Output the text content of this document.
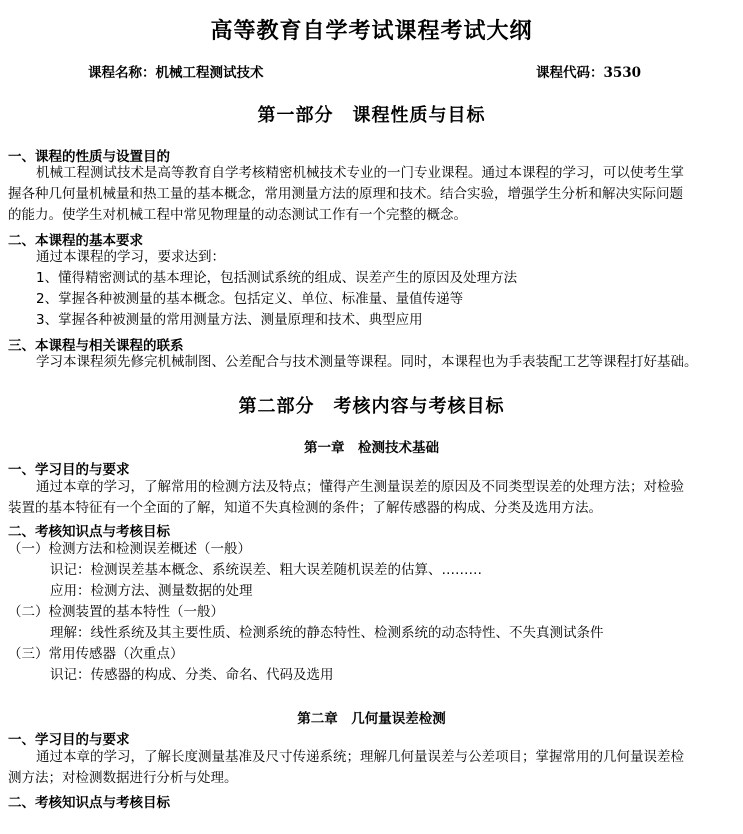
高等教育自学考试课程考试大纲
课程名称：机械工程测试技术	课程代码：3530
第一部分　课程性质与目标
一、课程的性质与设置目的
机械工程测试技术是高等教育自学考核精密机械技术专业的一门专业课程。通过本课程的学习，可以使考生掌
握各种几何量机械量和热工量的基本概念，常用测量方法的原理和技术。结合实验，增强学生分析和解决实际问题
的能力。使学生对机械工程中常见物理量的动态测试工作有一个完整的概念。
二、本课程的基本要求
通过本课程的学习，要求达到：
1、懂得精密测试的基本理论，包括测试系统的组成、误差产生的原因及处理方法
2、掌握各种被测量的基本概念。包括定义、单位、标准量、量值传递等
3、掌握各种被测量的常用测量方法、测量原理和技术、典型应用
三、本课程与相关课程的联系
学习本课程须先修完机械制图、公差配合与技术测量等课程。同时，本课程也为手表装配工艺等课程打好基础。
第二部分　考核内容与考核目标
第一章　检测技术基础
一、学习目的与要求
通过本章的学习，了解常用的检测方法及特点；懂得产生测量误差的原因及不同类型误差的处理方法；对检验
装置的基本特征有一个全面的了解，知道不失真检测的条件；了解传感器的构成、分类及选用方法。
二、考核知识点与考核目标
（一）检测方法和检测误差概述（一般）
识记：检测误差基本概念、系统误差、粗大误差随机误差的估算、………
应用：检测方法、测量数据的处理
（二）检测装置的基本特性（一般）
理解：线性系统及其主要性质、检测系统的静态特性、检测系统的动态特性、不失真测试条件
（三）常用传感器（次重点）
识记：传感器的构成、分类、命名、代码及选用
第二章　几何量误差检测
一、学习目的与要求
通过本章的学习，了解长度测量基准及尺寸传递系统；理解几何量误差与公差项目；掌握常用的几何量误差检
测方法；对检测数据进行分析与处理。
二、考核知识点与考核目标
